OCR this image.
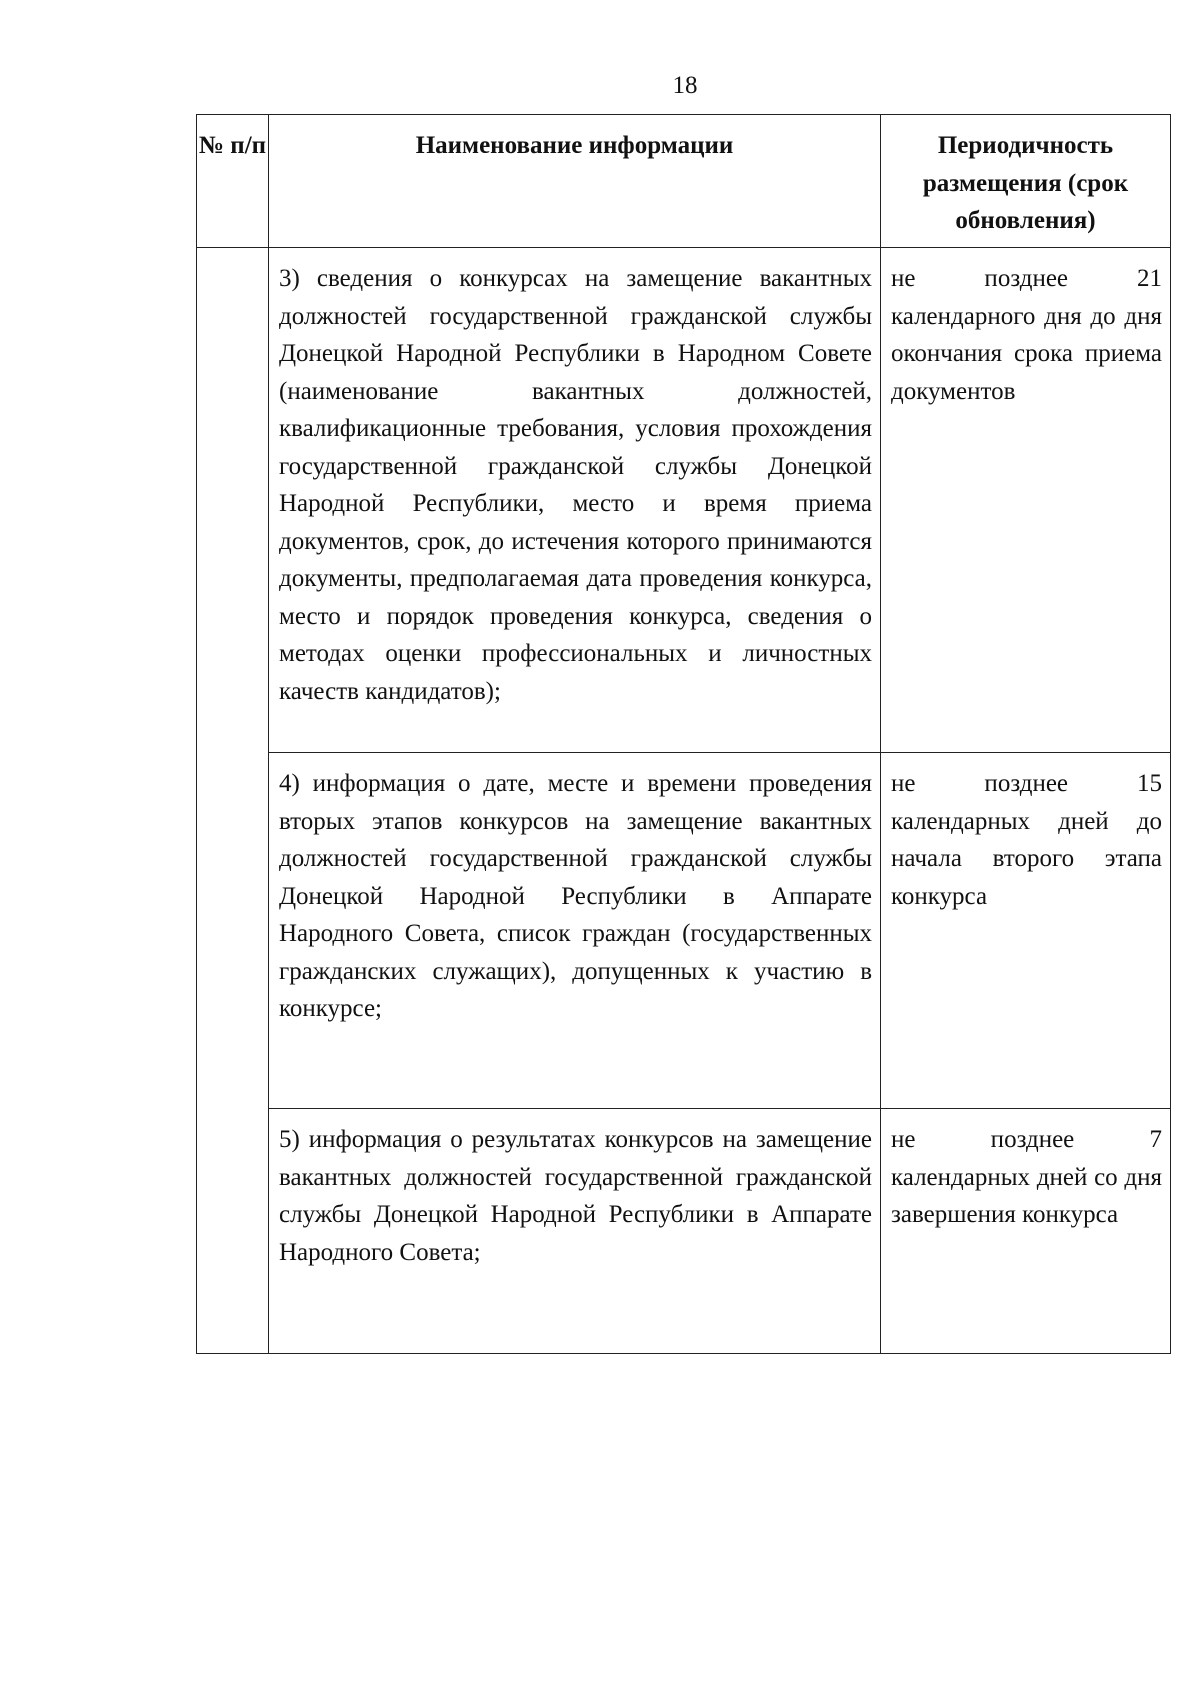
18
№ п/п	Наименование информации	Периодичность размещения (срок обновления)

	3) сведения о конкурсах на замещение вакантных должностей государственной гражданской службы Донецкой Народной Республики в Народном Совете (наименование вакантных должностей, квалификационные требования, условия прохождения государственной гражданской службы Донецкой Народной Республики, место и время приема документов, срок, до истечения которого принимаются документы, предполагаемая дата проведения конкурса, место и порядок проведения конкурса, сведения о методах оценки профессиональных и личностных качеств кандидатов);	не позднее 21 календарного дня до дня окончания срока приема документов

	4) информация о дате, месте и времени проведения вторых этапов конкурсов на замещение вакантных должностей государственной гражданской службы Донецкой Народной Республики в Аппарате Народного Совета, список граждан (государственных гражданских служащих), допущенных к участию в конкурсе;	не позднее 15 календарных дней до начала второго этапа конкурса

	5) информация о результатах конкурсов на замещение вакантных должностей государственной гражданской службы Донецкой Народной Республики в Аппарате Народного Совета;	не позднее 7 календарных дней со дня завершения конкурса
